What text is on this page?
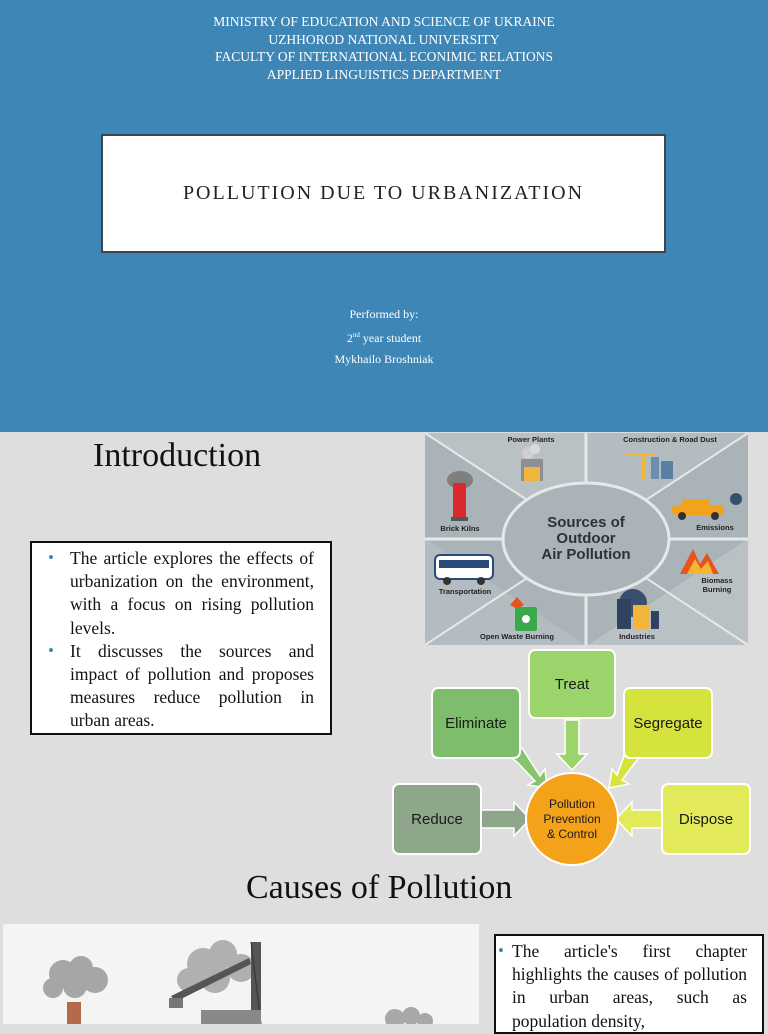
MINISTRY OF EDUCATION AND SCIENCE OF UKRAINE
UZHHOROD NATIONAL UNIVERSITY
FACULTY OF INTERNATIONAL ECONIMIC RELATIONS
APPLIED LINGUISTICS DEPARTMENT
POLLUTION DUE TO URBANIZATION
Performed by:
2nd year student
Mykhailo Broshniak
Introduction
• The article explores the effects of urbanization on the environment, with a focus on rising pollution levels.
• It discusses the sources and impact of pollution and proposes measures reduce pollution in urban areas.
Sources of
Outdoor
Air Pollution
Power Plants	Construction & Road Dust
Brick Kilns	Emissions
Transportation
Biomass
Burning
Open Waste Burning	Industries
Treat
Eliminate	Segregate
Reduce	Dispose
Pollution
Prevention
& Control
Causes of Pollution
• The article's first chapter highlights the causes of pollution in urban areas, such as population density,
